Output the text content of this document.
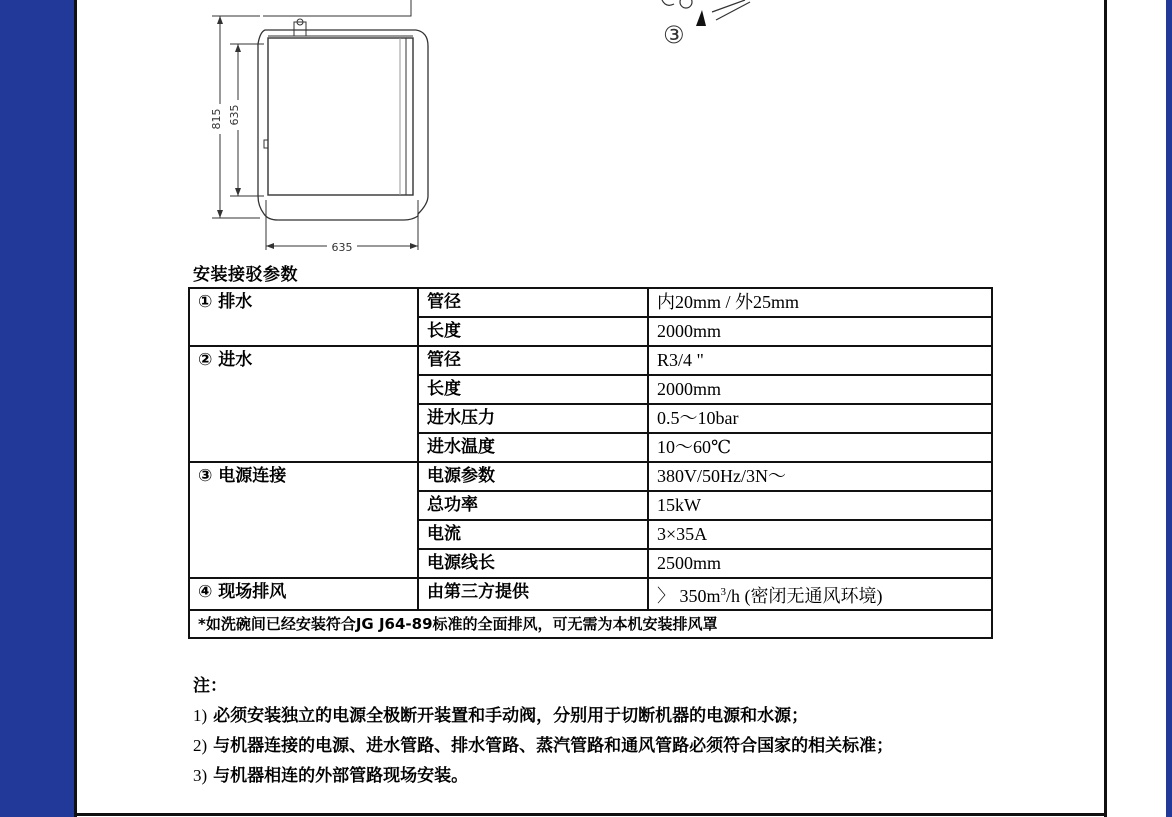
815 635
635
③
安装接驳参数
① 排水	管径	内20mm / 外25mm
	长度	2000mm
② 进水	管径	R3/4 "
	长度	2000mm
	进水压力	0.5〜10bar
	进水温度	10〜60℃
③ 电源连接	电源参数	380V/50Hz/3N〜
	总功率	15kW
	电流	3×35A
	电源线长	2500mm
④ 现场排风	由第三方提供	〉 $350m^3/h$ (密闭无通风环境)
*如洗碗间已经安装符合JG J64-89标准的全面排风，可无需为本机安装排风罩		
注：
1) 必须安装独立的电源全极断开装置和手动阀，分别用于切断机器的电源和水源；
2) 与机器连接的电源、进水管路、排水管路、蒸汽管路和通风管路必须符合国家的相关标准；
3) 与机器相连的外部管路现场安装。
